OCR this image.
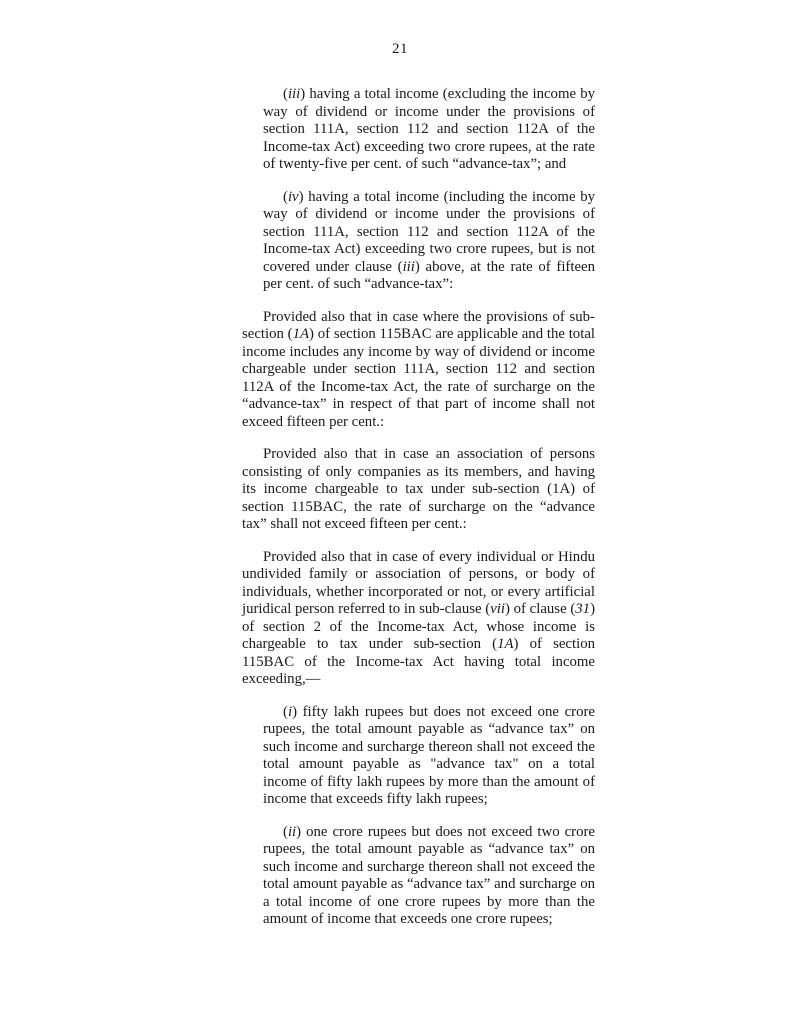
21

(iii) having a total income (excluding the income by way of dividend or income under the provisions of section 111A, section 112 and section 112A of the Income-tax Act) exceeding two crore rupees, at the rate of twenty-five per cent. of such “advance-tax”; and

(iv) having a total income (including the income by way of dividend or income under the provisions of section 111A, section 112 and section 112A of the Income-tax Act) exceeding two crore rupees, but is not covered under clause (iii) above, at the rate of fifteen per cent. of such “advance-tax”:

Provided also that in case where the provisions of sub-section (1A) of section 115BAC are applicable and the total income includes any income by way of dividend or income chargeable under section 111A, section 112 and section 112A of the Income-tax Act, the rate of surcharge on the “advance-tax” in respect of that part of income shall not exceed fifteen per cent.:

Provided also that in case an association of persons consisting of only companies as its members, and having its income chargeable to tax under sub-section (1A) of section 115BAC, the rate of surcharge on the “advance tax” shall not exceed fifteen per cent.:

Provided also that in case of every individual or Hindu undivided family or association of persons, or body of individuals, whether incorporated or not, or every artificial juridical person referred to in sub-clause (vii) of clause (31) of section 2 of the Income-tax Act, whose income is chargeable to tax under sub-section (1A) of section 115BAC of the Income-tax Act having total income exceeding,—

(i) fifty lakh rupees but does not exceed one crore rupees, the total amount payable as “advance tax” on such income and surcharge thereon shall not exceed the total amount payable as "advance tax" on a total income of fifty lakh rupees by more than the amount of income that exceeds fifty lakh rupees;

(ii) one crore rupees but does not exceed two crore rupees, the total amount payable as “advance tax” on such income and surcharge thereon shall not exceed the total amount payable as “advance tax” and surcharge on a total income of one crore rupees by more than the amount of income that exceeds one crore rupees;
